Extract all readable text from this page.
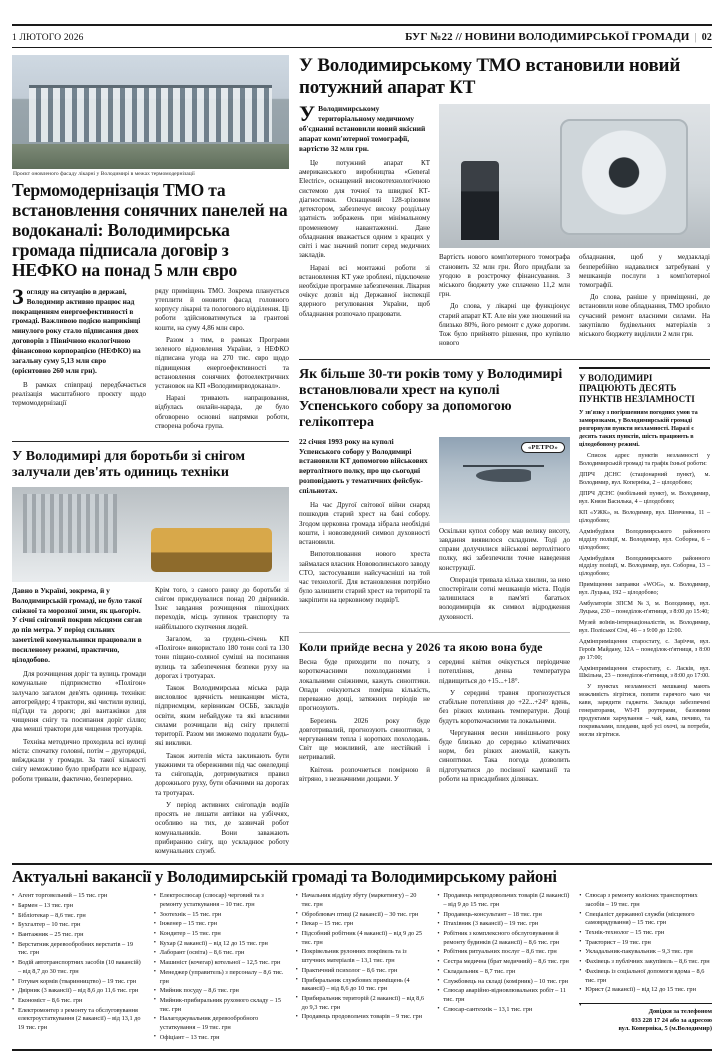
1 ЛЮТОГО 2026	БУГ №22 // НОВИНИ ВОЛОДИМИРСЬКОЇ ГРОМАДИ | 02
Проєкт оновленого фасаду лікарні у Володимирі в межах термомодернізації
Термомодернізація ТМО та встановлення сонячних панелей на водоканалі: Володимирська громада підписала договір з НЕФКО на понад 5 млн євро

Зогляду на ситуацію в державі, Володимир активно працює над покращенням енергоефективності в громаді. Важливою подією наприкінці минулого року стало підписання двох договорів з Північною екологічною фінансовою корпорацією (НЕФКО) на загальну суму 5,13 млн євро (орієнтовно 260 млн грн).

В рамках співпраці передбачається реалізація масштабного проєкту щодо термомодернізації

ряду приміщень ТМО. Зокрема планується утеплити й оновити фасад головного корпусу лікарні та пологового відділення. Ці роботи здійснюватимуться за грантові кошти, на суму 4,86 млн євро.

Разом з тим, в рамках Програми зеленого відновлення України, з НЕФКО підписана угода на 270 тис. євро щодо підвищення енергоефективності та встановлення сонячних фотоелектричних установок на КП «Володимирводоканал».

Наразі тривають напрацювання, відбулась онлайн-нарада, де було обговорено основні напрямки роботи, створена робоча група.

У Володимирі для боротьби зі снігом залучали дев'ять одиниць техніки

Давно в Україні, зокрема, й у Володимирській громаді, не було такої сніжної та морозної зими, як цьогоріч. У січні сніговий покрив місцями сягав до пів метра. У період сильних заметілей комунальники працювали в посиленому режимі, практично, цілодобово.

Для розчищення доріг та вулиць громади комунальне підприємство «Полігон» залучало загалом дев'ять одиниць техніки: автогрейдер; 4 трактори, які чистили вулиці, під'їзди та дороги; дві вантажівки для чищення снігу та посипання доріг сіллю; два менші трактори для чищення тротуарів.

Техніка методично проходила всі вулиці міста: спочатку головні, потім – другорядні, виїжджали у громади. За такої кількості снігу неможливо було прибрати все відразу, роботи тривали, фактично, безперервно.

Крім того, з самого ранку до боротьби зі снігом приєднувалися понад 20 двірників. Їхнє завдання розчищення пішохідних переходів, місць зупинок транспорту та найбільшого скупчення людей.

Загалом, за грудень-січень КП «Полігон» використало 180 тонн солі та 130 тонн піщано-соляної суміші на посипання вулиць та забезпечення безпеки руху на дорогах і тротуарах.

Також Володимирська міська рада висловлює вдячність мешканцям міста, підприємцям, керівникам ОСББ, закладів освіти, яким небайдуже та які власними силами розчищали від снігу прилеглі території. Разом ми зможемо подолати будь-які виклики.

Також жителів міста закликають бути уважними та обережними під час ожеледиці та снігопадів, дотримуватися правил дорожнього руху, бути обачними на дорогах та тротуарах.

У період активних снігопадів водіїв просять не лишати автівки на узбіччях, особливо на тих, де зазвичай робот комунальників. Вони заважають прибиранню снігу, що ускладнює роботу комунальних служб.

У Володимирському ТМО встановили новий потужний апарат КТ

У Володимирському територіальному медичному об'єднанні встановили новий якісний апарат комп'ютерної томографії, вартістю 32 млн грн.

Це потужний апарат КТ американського виробництва «General Electric», оснащений високотехнологічною системою для точної та швидкої КТ-діагностики. Оснащений 128-зрізовим детектором, забезпечує високу роздільну здатність зображень при мінімальному променевому навантаженні. Дане обладнання вважається одним з кращих у світі і має значний попит серед медичних закладів.

Наразі всі монтажні роботи зі встановлення КТ уже зроблені, підключене необхідне програмне забезпечення. Лікарня очікує дозвіл від Державної інспекції ядерного регулювання України, щоб обладнання розпочало працювати.

Вартість нового комп'ютерного томографа становить 32 млн грн. Його придбали за угодою в розстрочку фінансування. З міського бюджету уже сплачено 11,2 млн грн.

До слова, у лікарні ще функціонує старий апарат КТ. Але він уже зношений на близько 80%, його ремонт є дуже дорогим. Тож було прийнято рішення, про купівлю нового

обладнання, щоб у медзакладі безперебійно надавалися затребувані у мешканців послуги з комп'ютерної томографії.

До слова, раніше у приміщенні, де встановили нове обладнання, ТМО зробило сучасний ремонт власними силами. На закупівлю будівельних матеріалів з міського бюджету виділили 2 млн грн.

Як більше 30-ти років тому у Володимирі встановлювали хрест на куполі Успенського собору за допомогою гелікоптера

22 січня 1993 року на куполі Успенського собору у Володимирі встановили КТ допомогою військових вертолітного полку, про що сьогодні розповідають у тематичних фейсбук-спільнотах.

На час Другої світової війни снаряд пошкодив старий хрест на бані собору. Згодом церковна громада зібрала необхідні кошти, і новозведений символ духовності встановили.

Випотовлювання нового хреста займалася власник Нововолинського заводу СТО, застосувавши найсучасніші на той час технології. Для встановлення потрібно було залишити старий хрест на території та закріпити на церковному подвір'ї.

«РЕТРО»

Оскільки купол собору мав велику висоту, завдання виявилося складним. Тоді до справи долучилися військові вертолітного полку, які забезпечили точне наведення конструкції.

Операція тривала кілька хвилин, за нею спостерігали сотні мешканців міста. Подія залишилася в пам'яті багатьох володимирців як символ відродження духовності.

Коли прийде весна у 2026 та якою вона буде

Весна буде приходити по почату, з короткочасними похолоданнями і локальними сніжними, кажуть синоптики. Опади очікуються помірна кількість, переважно дощі, затяжних періодів не прогнозують.

Березень 2026 року буде довготривалий, прогнозують синоптики, з чергуванням тепла і коротких похолодань. Світ ще можливий, але нестійкий і нетривалий.

Квітень розпочнеться помірною й вітряно, з незначними дощами. У

середині квітня очікується періодичне потепління, денна температура підвищиться до +15...+18°.

У середині травня прогнозується стабільне потепління до +22...+24° вдень, без різких коливань температури. Дощі будуть короткочасними та локальними.

Чергування весни нинішнього року буде близько до середньо кліматичних норм, без різких аномалій, кажуть синоптики. Така погода дозволить підготуватися до посівної кампанії та роботи на присадибних ділянках.

У ВОЛОДИМИРІ ПРАЦЮЮТЬ ДЕСЯТЬ ПУНКТІВ НЕЗЛАМНОСТІ

У зв'язку з погіршенням погодних умов та заморозками, у Володимирській громаді розгорнули пункти незламності. Наразі є десять таких пунктів, шість працюють в цілодобовому режимі.

Список адрес пунктів незламності у Володимирській громаді та графік їхньої роботи:

ДПРЧ ДСНС (стаціонарний пункт), м. Володимир, вул. Коперніка, 2 – цілодобово;

ДПРЧ ДСНС (мобільний пункт), м. Володимир, вул. Князя Василька, 4 – цілодобово;

КП «УЖК», м. Володимир, вул. Шевченка, 11 – цілодобово;

Адмінбудівля Володимирського районного відділу поліції, м. Володимир, вул. Соборна, 6 – цілодобово;

Адмінбудівля Володимирського районного відділу поліції, м. Володимир, вул. Соборна, 13 – цілодобово;

Приміщення заправки «WOG», м. Володимир, вул. Луцька, 192 – цілодобово;

Амбулаторія ЗПСМ №3, м. Володимир, вул. Луцька, 230 – понеділок-п'ятниця, з 8:00 до 15:40;

Музей воїнів-інтернаціоналістів, м. Володимир, вул. Поліської Січі, 46 – з 9:00 до 12:00.

Адмінприміщення старостату, с. Заріччя, вул. Героїв Майдану, 12А – понеділок-п'ятниця, з 8:00 до 17:00;

Адмінприміщення старостату, с. Ласків, вул. Шкільна, 23 – понеділок-п'ятниця, з 8:00 до 17:00.

У пунктах незламності мешканці мають можливість зігрітися, попити гарячого чаю чи кави, зарядити гаджети. Заклади забезпечені генераторами, WI-FI роутерами, базовими продуктами харчування – чай, кава, печиво, та покривалами, пледами, щоб усі охочі, за потреби, могли зігрітися.

Актуальні вакансії у Володимирській громаді та Володимирському районі
• Агент торговельний – 15 тис. грн
• Бармен – 13 тис. грн
• Бібліотекар – 8,6 тис. грн
• Бухгалтер – 10 тис. грн
• Вантажник – 25 тис. грн
• Верстатник деревообробних верстатів – 19 тис. грн
• Водій автотранспортних засобів (10 вакансій) – від 8,7 до 30 тис. грн
• Готувач кормів (тваринництво) – 19 тис. грн
• Двірник (3 вакансії) – від 8,6 до 11,6 тис. грн
• Економіст – 8,6 тис. грн
• Електромонтер з ремонту та обслуговування електроустаткування (2 вакансії) – від 13,1 до 19 тис. грн
• Електрослюсар (слюсар) черговий та з ремонту устаткування – 10 тис. грн
• Зоотехнік – 15 тис. грн
• Інженер – 15 тис. грн
• Кондитер – 15 тис. грн
• Кухар (2 вакансії) – від 12 до 15 тис. грн
• Лаборант (освіта) – 8,6 тис. грн
• Машиніст (кочегар) котельної – 12,5 тис. грн
• Менеджер (управитель) з персоналу – 8,6 тис. грн
• Мийник посуду – 8,6 тис. грн
• Мийник-прибиральник рухомого складу – 15 тис. грн
• Налагоджувальник деревообробного устаткування – 19 тис. грн
• Офіціант – 13 тис. грн
• Начальник відділу збуту (маркетингу) – 20 тис. грн
• Оброблювач птиці (2 вакансії) – 30 тис. грн
• Пекар – 15 тис. грн
• Підсобний робітник (4 вакансії) – від 9 до 25 тис. грн
• Покрівельник рулонних покрівель та із штучних матеріалів – 13,1 тис. грн
• Практичний психолог – 8,6 тис. грн
• Прибиральник службових приміщень (4 вакансії) – від 8,6 до 10 тис. грн
• Прибиральник територій (2 вакансії) – від 8,6 до 9,3 тис. грн
• Продавець продовольчих товарів – 9 тис. грн
• Продавець непродовольчих товарів (2 вакансії) – від 9 до 15 тис. грн
• Продавець-консультант – 18 тис. грн
• Птахівник (3 вакансії) – 19 тис. грн
• Робітник з комплексного обслуговування й ремонту будинків (2 вакансії) – 8,6 тис. грн
• Робітник ритуальних послуг – 8,6 тис. грн
• Сестра медична (брат медичний) – 8,6 тис. грн
• Складальник – 8,7 тис. грн
• Службовець на складі (комірник) – 10 тис. грн
• Слюсар аварійно-відновлювальних робіт – 11 тис. грн
• Слюсар-сантехнік – 13,1 тис. грн
• Слюсар з ремонту колісних транспортних засобів – 19 тис. грн
• Спеціаліст державної служби (місцевого самоврядування) – 15 тис. грн
• Технік-технолог – 15 тис. грн
• Тракторист – 19 тис. грн
• Укладальник-пакувальник – 9,3 тис. грн
• Фахівець з публічних закупівель – 8,6 тис. грн
• Фахівець із соціальної допомоги вдома – 8,6 тис. грн
• Юрист (2 вакансії) – від 12 до 15 тис. грн
• Довідки за телефоном
033 228 17 24 або за адресою
вул. Коперніка, 5 (м.Володимир)
